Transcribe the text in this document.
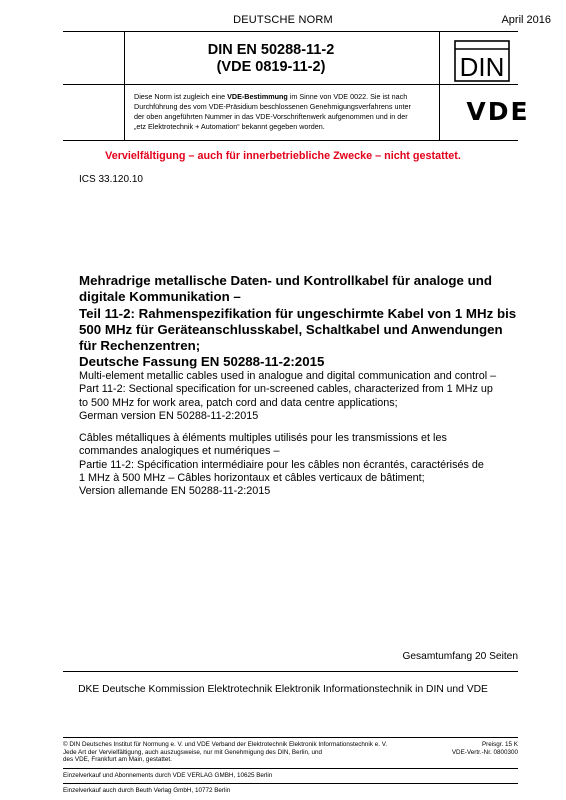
DEUTSCHE NORM	April 2016
DIN EN 50288-11-2
(VDE 0819-11-2)	DIN
Diese Norm ist zugleich eine VDE-Bestimmung im Sinne von VDE 0022. Sie ist nach
Durchführung des vom VDE-Präsidium beschlossenen Genehmigungsverfahrens unter
der oben angeführten Nummer in das VDE-Vorschriftenwerk aufgenommen und in der
„etz Elektrotechnik + Automation“ bekannt gegeben worden.
VDE
Vervielfältigung – auch für innerbetriebliche Zwecke – nicht gestattet.
ICS 33.120.10
Mehradrige metallische Daten- und Kontrollkabel für analoge und
digitale Kommunikation –
Teil 11-2: Rahmenspezifikation für ungeschirmte Kabel von 1 MHz bis
500 MHz für Geräteanschlusskabel, Schaltkabel und Anwendungen
für Rechenzentren;
Deutsche Fassung EN 50288-11-2:2015
Multi-element metallic cables used in analogue and digital communication and control –
Part 11-2: Sectional specification for un-screened cables, characterized from 1 MHz up
to 500 MHz for work area, patch cord and data centre applications;
German version EN 50288-11-2:2015
Câbles métalliques à éléments multiples utilisés pour les transmissions et les
commandes analogiques et numériques –
Partie 11-2: Spécification intermédiaire pour les câbles non écrantés, caractérisés de
1 MHz à 500 MHz – Câbles horizontaux et câbles verticaux de bâtiment;
Version allemande EN 50288-11-2:2015
Gesamtumfang 20 Seiten
DKE Deutsche Kommission Elektrotechnik Elektronik Informationstechnik in DIN und VDE
© DIN Deutsches Institut für Normung e. V. und VDE Verband der Elektrotechnik Elektronik Informationstechnik e. V.
Jede Art der Vervielfältigung, auch auszugsweise, nur mit Genehmigung des DIN, Berlin, und
des VDE, Frankfurt am Main, gestattet.
Preisgr. 15 K
VDE-Vertr.-Nr. 0800300
Einzelverkauf und Abonnements durch VDE VERLAG GMBH, 10625 Berlin
Einzelverkauf auch durch Beuth Verlag GmbH, 10772 Berlin
